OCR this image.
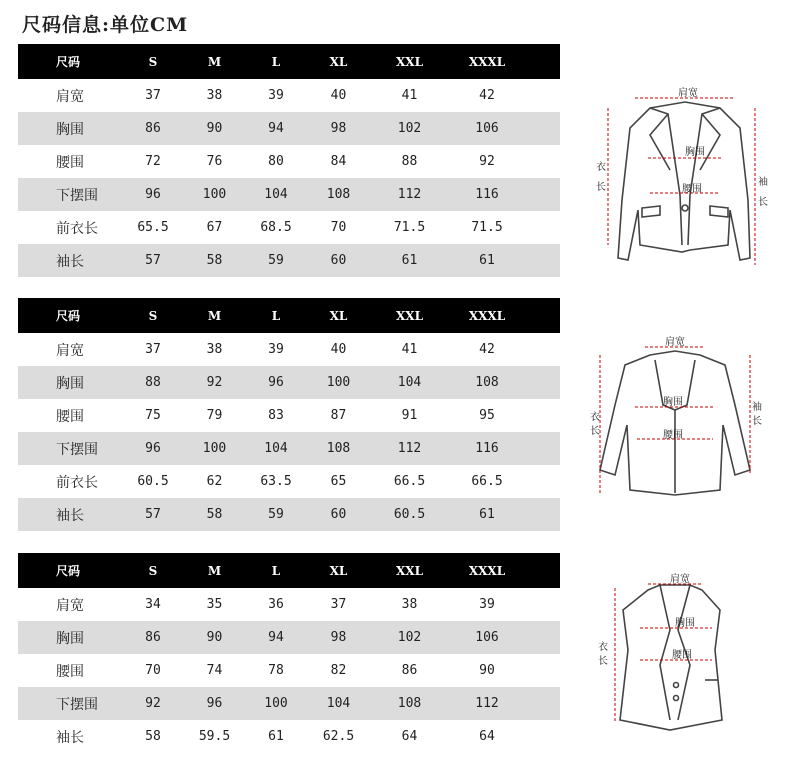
尺码信息:单位CM
尺码	S	M	L	XL	XXL	XXXL
肩宽	37	38	39	40	41	42
胸围	86	90	94	98	102	106
腰围	72	76	80	84	88	92
下摆围	96	100	104	108	112	116
前衣长	65.5	67	68.5	70	71.5	71.5
袖长	57	58	59	60	61	61
尺码	S	M	L	XL	XXL	XXXL
肩宽	37	38	39	40	41	42
胸围	88	92	96	100	104	108
腰围	75	79	83	87	91	95
下摆围	96	100	104	108	112	116
前衣长	60.5	62	63.5	65	66.5	66.5
袖长	57	58	59	60	60.5	61
尺码	S	M	L	XL	XXL	XXXL
肩宽	34	35	36	37	38	39
胸围	86	90	94	98	102	106
腰围	70	74	78	82	86	90
下摆围	92	96	100	104	108	112
袖长	58	59.5	61	62.5	64	64
肩宽
胸围
腰围
衣长	袖长
肩宽
胸围
腰围
衣长
袖长
肩宽
胸围
腰围
衣长
